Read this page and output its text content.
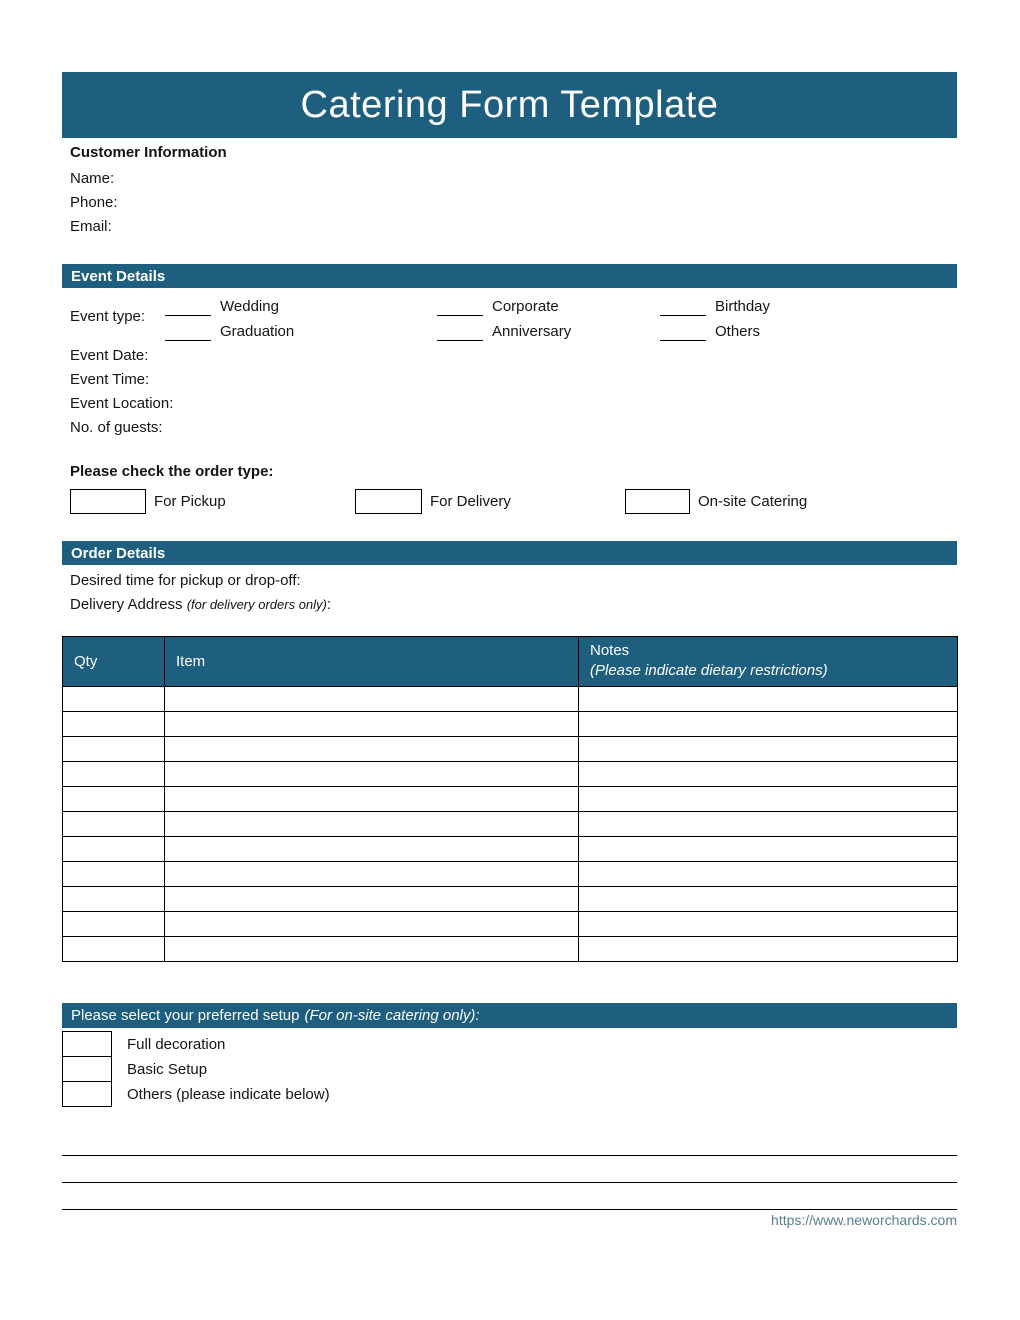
Catering Form Template
Customer Information
Name:
Phone:
Email:
Event Details
Event type:
Wedding
Graduation
Corporate
Anniversary
Birthday
Others
Event Date:
Event Time:
Event Location:
No. of guests:
Please check the order type:
For Pickup	For Delivery	On-site Catering
Order Details
Desired time for pickup or drop-off:
Delivery Address (for delivery orders only):
Qty	Item	Notes
(Please indicate dietary restrictions)

Please select your preferred setup (For on-site catering only):
Full decoration
Basic Setup
Others (please indicate below)
https://www.neworchards.com
